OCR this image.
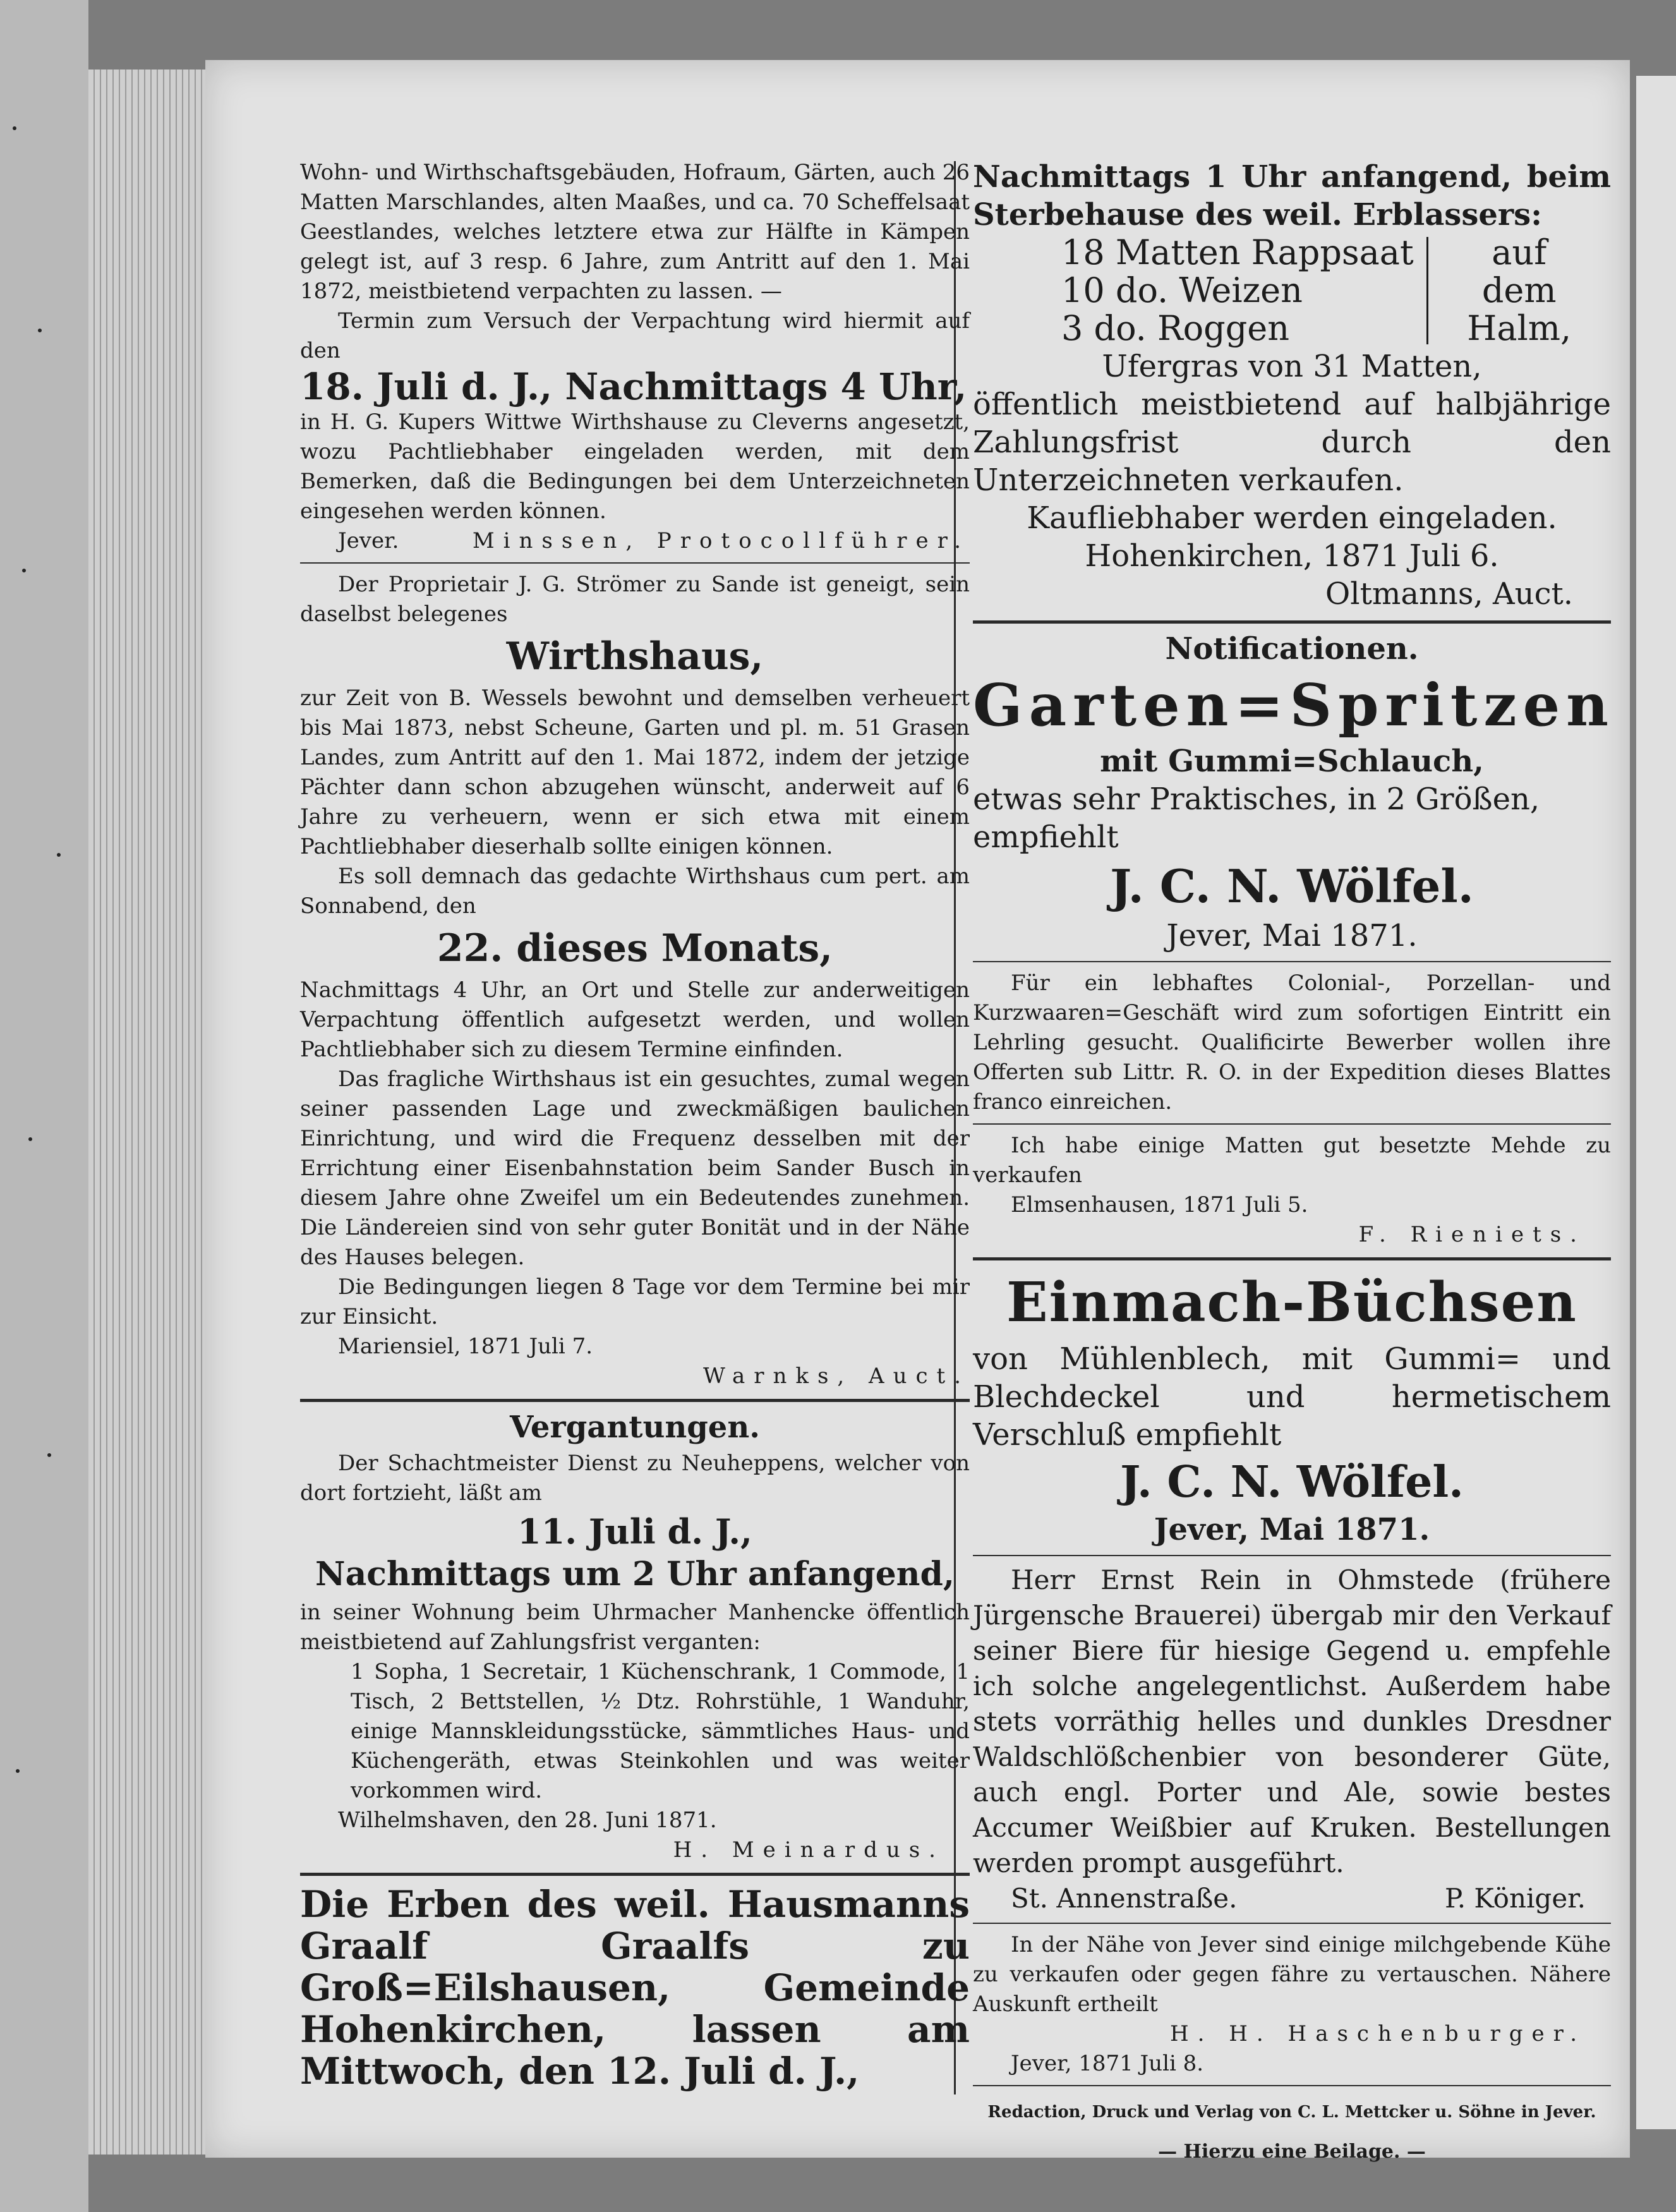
Wohn- und Wirthschaftsgebäuden, Hofraum, Gärten, auch 26 Matten Marschlandes, alten Maaßes, und ca. 70 Scheffelsaat Geestlandes, welches letztere etwa zur Hälfte in Kämpen gelegt ist, auf 3 resp. 6 Jahre, zum Antritt auf den 1. Mai 1872, meistbietend verpachten zu lassen. —

Termin zum Versuch der Verpachtung wird hiermit auf den

18. Juli d. J., Nachmittags 4 Uhr,

in H. G. Kupers Wittwe Wirthshause zu Cleverns angesetzt, wozu Pachtliebhaber eingeladen werden, mit dem Bemerken, daß die Bedingungen bei dem Unterzeichneten eingesehen werden können.

Jever.	Minssen, Protocollführer.

Der Proprietair J. G. Strömer zu Sande ist geneigt, sein daselbst belegenes

Wirthshaus,

zur Zeit von B. Wessels bewohnt und demselben verheuert bis Mai 1873, nebst Scheune, Garten und pl. m. 51 Grasen Landes, zum Antritt auf den 1. Mai 1872, indem der jetzige Pächter dann schon abzugehen wünscht, anderweit auf 6 Jahre zu verheuern, wenn er sich etwa mit einem Pachtliebhaber dieserhalb sollte einigen können.

Es soll demnach das gedachte Wirthshaus cum pert. am Sonnabend, den

22. dieses Monats,

Nachmittags 4 Uhr, an Ort und Stelle zur anderweitigen Verpachtung öffentlich aufgesetzt werden, und wollen Pachtliebhaber sich zu diesem Termine einfinden.

Das fragliche Wirthshaus ist ein gesuchtes, zumal wegen seiner passenden Lage und zweckmäßigen baulichen Einrichtung, und wird die Frequenz desselben mit der Errichtung einer Eisenbahnstation beim Sander Busch in diesem Jahre ohne Zweifel um ein Bedeutendes zunehmen. Die Ländereien sind von sehr guter Bonität und in der Nähe des Hauses belegen.

Die Bedingungen liegen 8 Tage vor dem Termine bei mir zur Einsicht.

Mariensiel, 1871 Juli 7.

Warnks, Auct.

Vergantungen.

Der Schachtmeister Dienst zu Neuheppens, welcher von dort fortzieht, läßt am

11. Juli d. J.,

Nachmittags um 2 Uhr anfangend,

in seiner Wohnung beim Uhrmacher Manhencke öffentlich meistbietend auf Zahlungsfrist verganten:

1 Sopha, 1 Secretair, 1 Küchenschrank, 1 Commode, 1 Tisch, 2 Bettstellen, ½ Dtz. Rohrstühle, 1 Wanduhr, einige Mannskleidungsstücke, sämmtliches Haus- und Küchengeräth, etwas Steinkohlen und was weiter vorkommen wird.

Wilhelmshaven, den 28. Juni 1871.

H. Meinardus.

Die Erben des weil. Hausmanns Graalf Graalfs zu Groß=Eilshausen, Gemeinde Hohenkirchen, lassen am Mittwoch, den 12. Juli d. J.,

Nachmittags 1 Uhr anfangend, beim Sterbehause des weil. Erblassers:

18 Matten Rappsaat
10 do. Weizen
3 do. Roggen
auf dem Halm,

Ufergras von 31 Matten,

öffentlich meistbietend auf halbjährige Zahlungsfrist durch den Unterzeichneten verkaufen.

Kaufliebhaber werden eingeladen.

Hohenkirchen, 1871 Juli 6.

Oltmanns, Auct.

Notificationen.

Garten=Spritzen

mit Gummi=Schlauch,

etwas sehr Praktisches, in 2 Größen, empfiehlt

J. C. N. Wölfel.

Jever, Mai 1871.

Für ein lebhaftes Colonial-, Porzellan- und Kurzwaaren=Geschäft wird zum sofortigen Eintritt ein Lehrling gesucht. Qualificirte Bewerber wollen ihre Offerten sub Littr. R. O. in der Expedition dieses Blattes franco einreichen.

Ich habe einige Matten gut besetzte Mehde zu verkaufen

Elmsenhausen, 1871 Juli 5.

F. Rieniets.

Einmach-Büchsen

von Mühlenblech, mit Gummi= und Blechdeckel und hermetischem Verschluß empfiehlt

J. C. N. Wölfel.

Jever, Mai 1871.

Herr Ernst Rein in Ohmstede (frühere Jürgensche Brauerei) übergab mir den Verkauf seiner Biere für hiesige Gegend u. empfehle ich solche angelegentlichst. Außerdem habe stets vorräthig helles und dunkles Dresdner Waldschlößchenbier von besonderer Güte, auch engl. Porter und Ale, sowie bestes Accumer Weißbier auf Kruken. Bestellungen werden prompt ausgeführt.

St. Annenstraße.	P. Königer.

In der Nähe von Jever sind einige milchgebende Kühe zu verkaufen oder gegen fähre zu vertauschen. Nähere Auskunft ertheilt

H. H. Haschenburger.

Jever, 1871 Juli 8.

Redaction, Druck und Verlag von C. L. Mettcker u. Söhne in Jever.

— Hierzu eine Beilage. —
